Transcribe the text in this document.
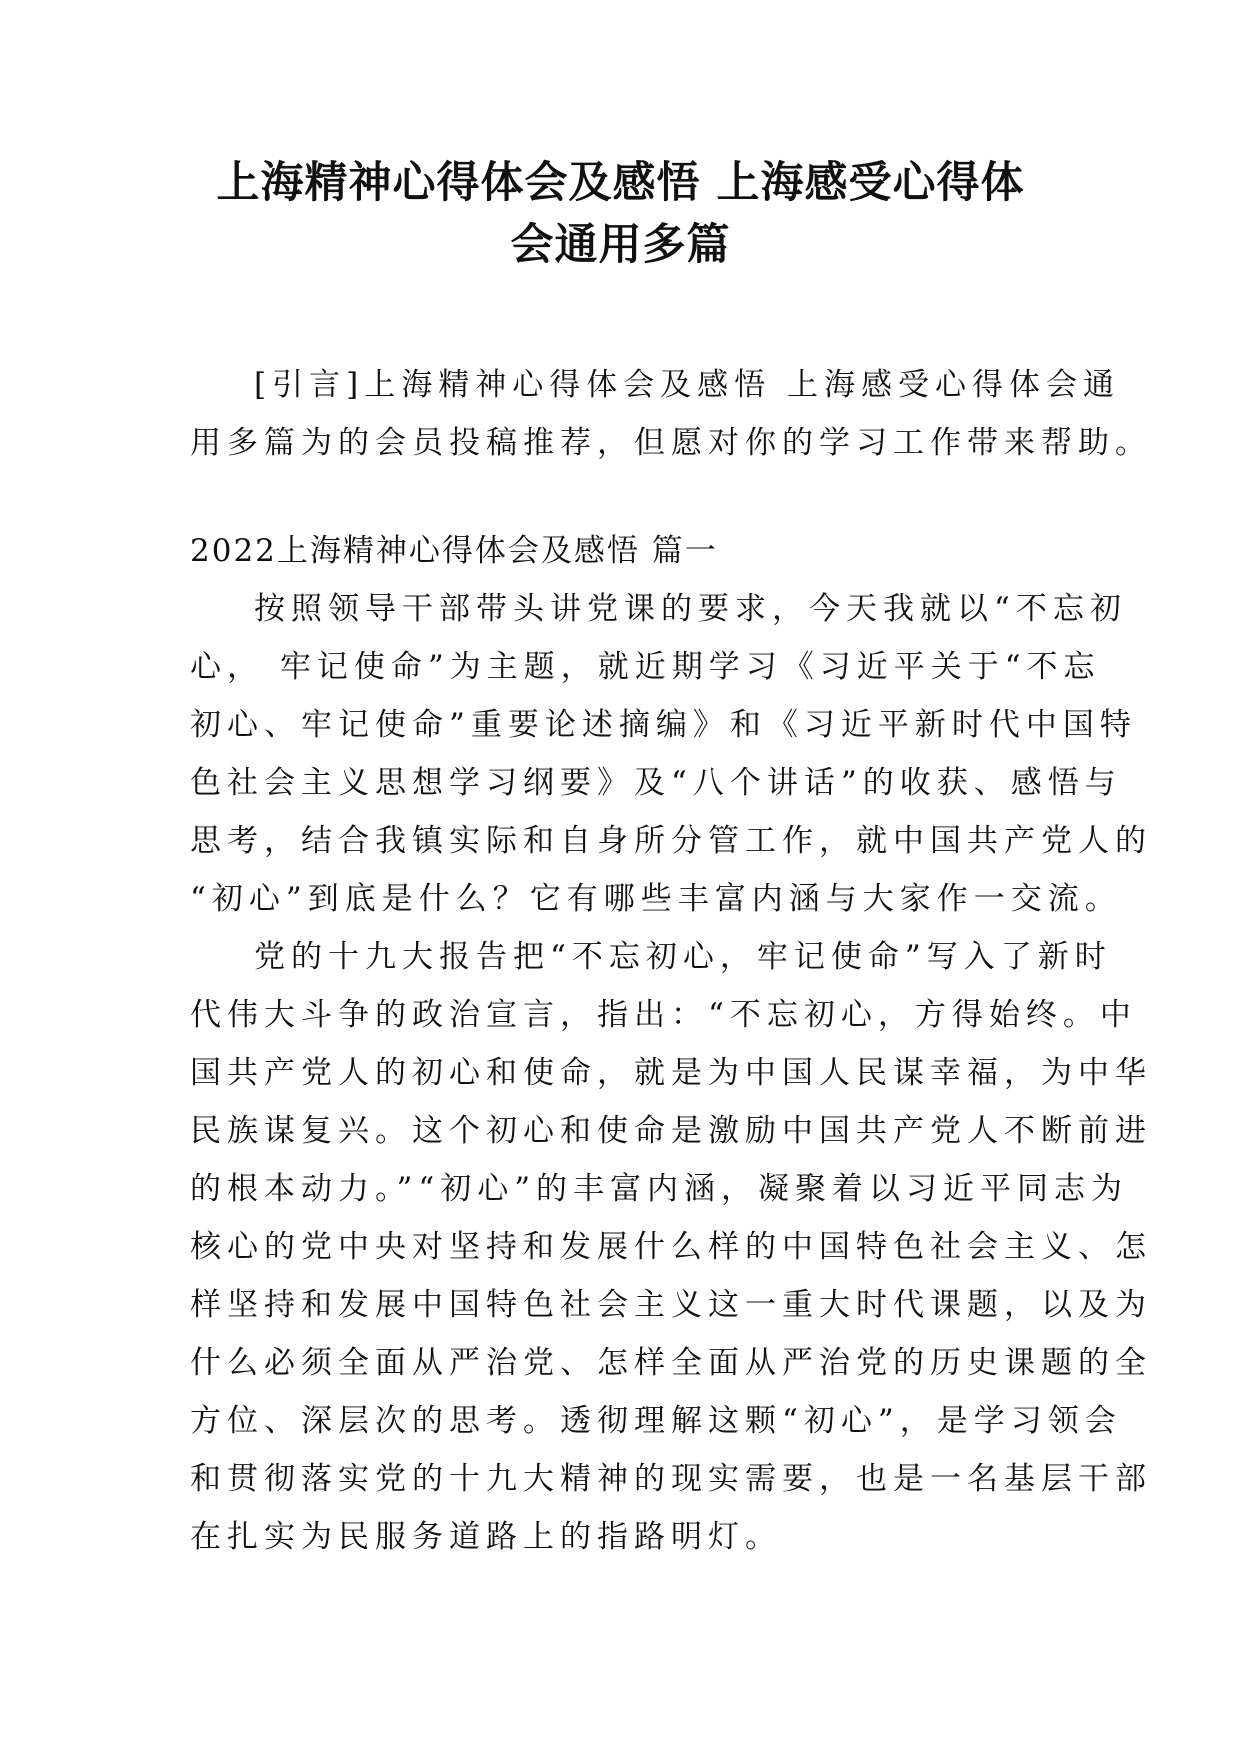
上海精神心得体会及感悟 上海感受心得体
会通用多篇
[引言]上海精神心得体会及感悟 上海感受心得体会通
用多篇为的会员投稿推荐，但愿对你的学习工作带来帮助。
2022上海精神心得体会及感悟 篇一
按照领导干部带头讲党课的要求，今天我就以“不忘初
心， 牢记使命”为主题，就近期学习《习近平关于“不忘
初心、牢记使命”重要论述摘编》和《习近平新时代中国特
色社会主义思想学习纲要》及“八个讲话”的收获、感悟与
思考，结合我镇实际和自身所分管工作，就中国共产党人的
“初心”到底是什么？它有哪些丰富内涵与大家作一交流。
党的十九大报告把“不忘初心，牢记使命”写入了新时
代伟大斗争的政治宣言，指出：“不忘初心，方得始终。中
国共产党人的初心和使命，就是为中国人民谋幸福，为中华
民族谋复兴。这个初心和使命是激励中国共产党人不断前进
的根本动力。”“初心”的丰富内涵，凝聚着以习近平同志为
核心的党中央对坚持和发展什么样的中国特色社会主义、怎
样坚持和发展中国特色社会主义这一重大时代课题，以及为
什么必须全面从严治党、怎样全面从严治党的历史课题的全
方位、深层次的思考。透彻理解这颗“初心”，是学习领会
和贯彻落实党的十九大精神的现实需要，也是一名基层干部
在扎实为民服务道路上的指路明灯。
